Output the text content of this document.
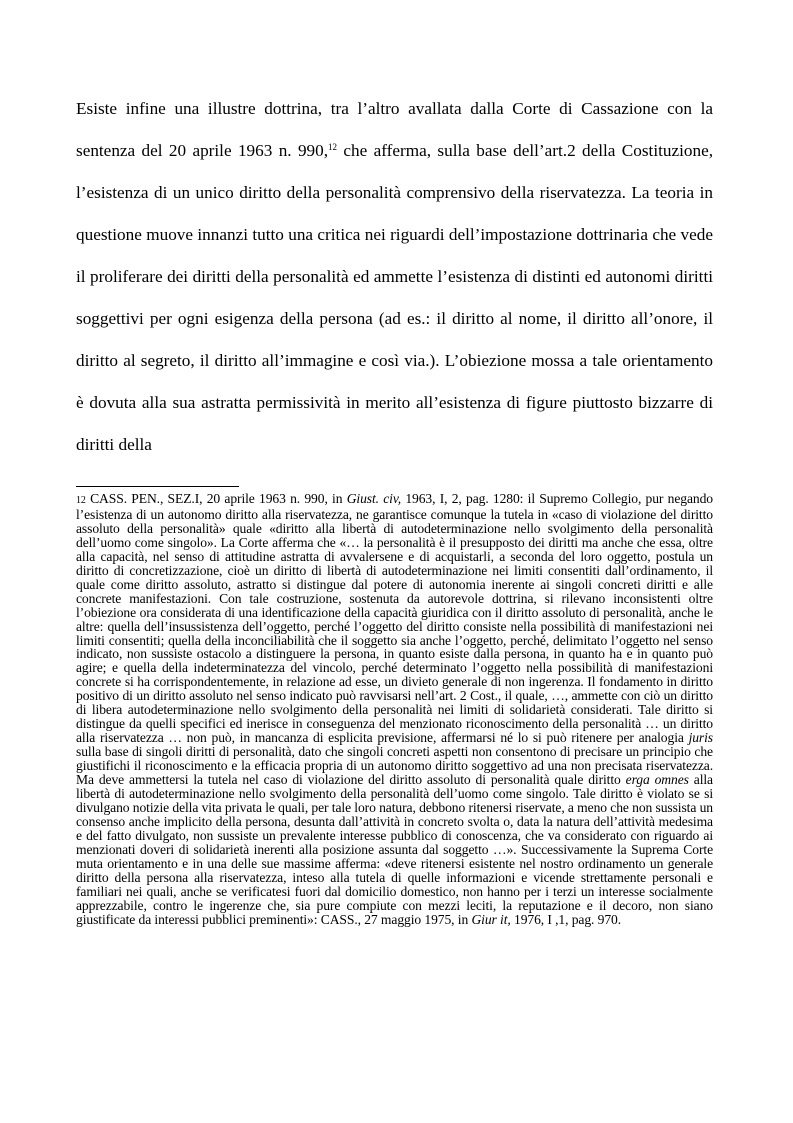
Esiste infine una illustre dottrina, tra l’altro avallata dalla Corte di Cassazione con la sentenza del 20 aprile 1963 n. 990,12 che afferma, sulla base dell’art.2 della Costituzione, l’esistenza di un unico diritto della personalità comprensivo della riservatezza. La teoria in questione muove innanzi tutto una critica nei riguardi dell’impostazione dottrinaria che vede il proliferare dei diritti della personalità ed ammette l’esistenza di distinti ed autonomi diritti soggettivi per ogni esigenza della persona (ad es.: il diritto al nome, il diritto all’onore, il diritto al segreto, il diritto all’immagine e così via.). L’obiezione mossa a tale orientamento è dovuta alla sua astratta permissività in merito all’esistenza di figure piuttosto bizzarre di diritti della

12 CASS. PEN., SEZ.I, 20 aprile 1963 n. 990, in Giust. civ, 1963, I, 2, pag. 1280: il Supremo Collegio, pur negando l’esistenza di un autonomo diritto alla riservatezza, ne garantisce comunque la tutela in «caso di violazione del diritto assoluto della personalità» quale «diritto alla libertà di autodeterminazione nello svolgimento della personalità dell’uomo come singolo». La Corte afferma che «… la personalità è il presupposto dei diritti ma anche che essa, oltre alla capacità, nel senso di attitudine astratta di avvalersene e di acquistarli, a seconda del loro oggetto, postula un diritto di concretizzazione, cioè un diritto di libertà di autodeterminazione nei limiti consentiti dall’ordinamento, il quale come diritto assoluto, astratto si distingue dal potere di autonomia inerente ai singoli concreti diritti e alle concrete manifestazioni. Con tale costruzione, sostenuta da autorevole dottrina, si rilevano inconsistenti oltre l’obiezione ora considerata di una identificazione della capacità giuridica con il diritto assoluto di personalità, anche le altre: quella dell’insussistenza dell’oggetto, perché l’oggetto del diritto consiste nella possibilità di manifestazioni nei limiti consentiti; quella della inconciliabilità che il soggetto sia anche l’oggetto, perché, delimitato l’oggetto nel senso indicato, non sussiste ostacolo a distinguere la persona, in quanto esiste dalla persona, in quanto ha e in quanto può agire; e quella della indeterminatezza del vincolo, perché determinato l’oggetto nella possibilità di manifestazioni concrete si ha corrispondentemente, in relazione ad esse, un divieto generale di non ingerenza. Il fondamento in diritto positivo di un diritto assoluto nel senso indicato può ravvisarsi nell’art. 2 Cost., il quale, …, ammette con ciò un diritto di libera autodeterminazione nello svolgimento della personalità nei limiti di solidarietà considerati. Tale diritto si distingue da quelli specifici ed inerisce in conseguenza del menzionato riconoscimento della personalità … un diritto alla riservatezza … non può, in mancanza di esplicita previsione, affermarsi né lo si può ritenere per analogia juris sulla base di singoli diritti di personalità, dato che singoli concreti aspetti non consentono di precisare un principio che giustifichi il riconoscimento e la efficacia propria di un autonomo diritto soggettivo ad una non precisata riservatezza. Ma deve ammettersi la tutela nel caso di violazione del diritto assoluto di personalità quale diritto erga omnes alla libertà di autodeterminazione nello svolgimento della personalità dell’uomo come singolo. Tale diritto è violato se si divulgano notizie della vita privata le quali, per tale loro natura, debbono ritenersi riservate, a meno che non sussista un consenso anche implicito della persona, desunta dall’attività in concreto svolta o, data la natura dell’attività medesima e del fatto divulgato, non sussiste un prevalente interesse pubblico di conoscenza, che va considerato con riguardo ai menzionati doveri di solidarietà inerenti alla posizione assunta dal soggetto …». Successivamente la Suprema Corte muta orientamento e in una delle sue massime afferma: «deve ritenersi esistente nel nostro ordinamento un generale diritto della persona alla riservatezza, inteso alla tutela di quelle informazioni e vicende strettamente personali e familiari nei quali, anche se verificatesi fuori dal domicilio domestico, non hanno per i terzi un interesse socialmente apprezzabile, contro le ingerenze che, sia pure compiute con mezzi leciti, la reputazione e il decoro, non siano giustificate da interessi pubblici preminenti»: CASS., 27 maggio 1975, in Giur it, 1976, I ,1, pag. 970.
